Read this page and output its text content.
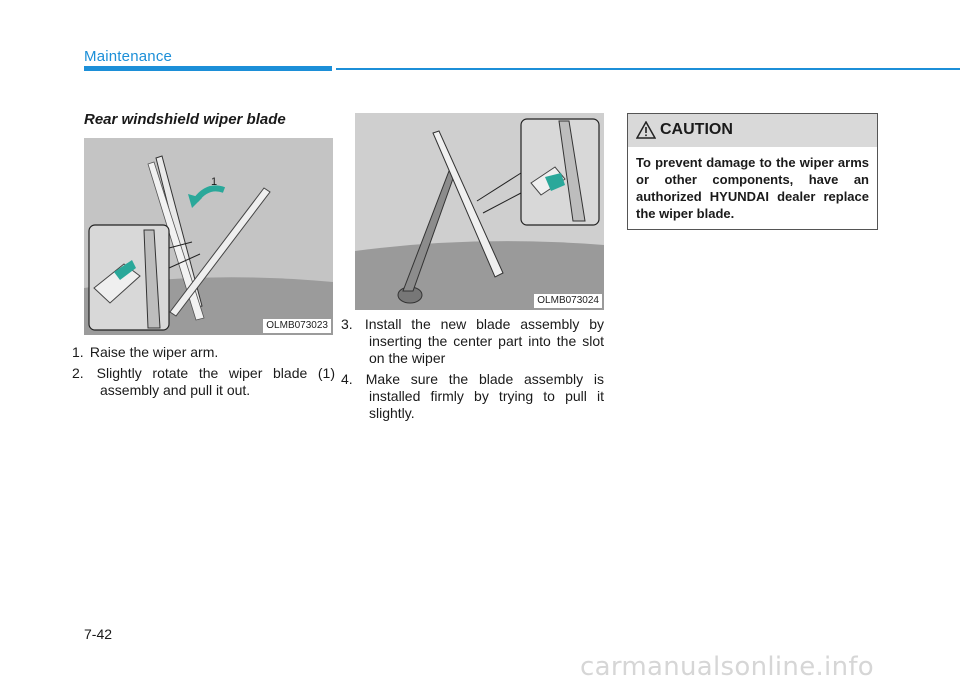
Maintenance
Rear windshield wiper blade
OLMB073023
1
OLMB073024
1. Raise the wiper arm.
2. Slightly rotate the wiper blade (1) assembly and pull it out.
3. Install the new blade assembly by inserting the center part into the slot on the wiper
4. Make sure the blade assembly is installed firmly by trying to pull it slightly.
CAUTION
To prevent damage to the wiper arms or other components, have an authorized HYUNDAI dealer replace the wiper blade.
7-42
carmanualsonline.info
